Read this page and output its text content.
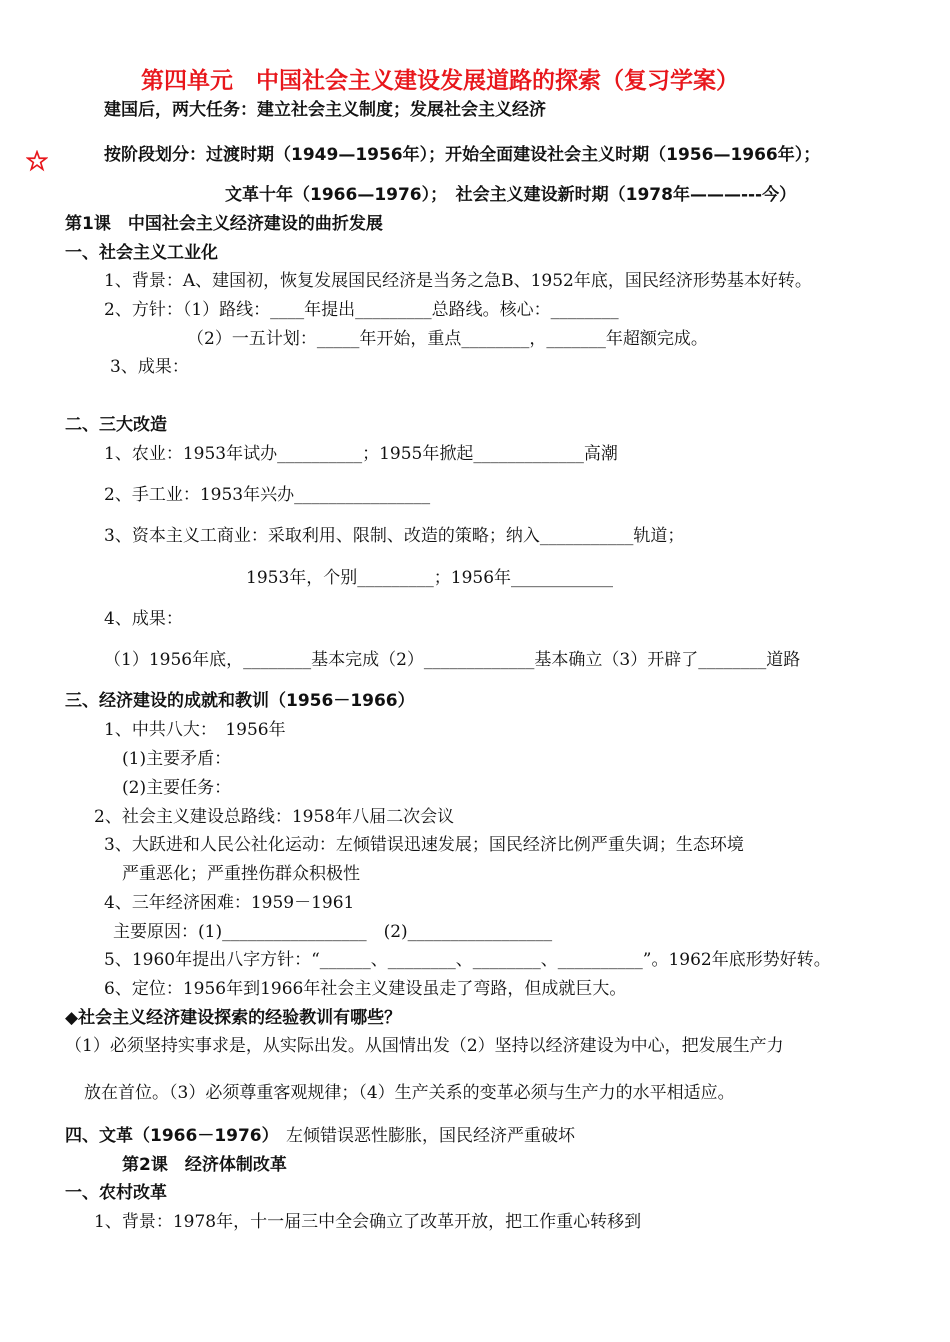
第四单元　中国社会主义建设发展道路的探索（复习学案）
建国后，两大任务：建立社会主义制度；发展社会主义经济
按阶段划分：过渡时期（1949—1956年）；开始全面建设社会主义时期（1956—1966年）；
文革十年（1966—1976）；　社会主义建设新时期（1978年———---今）
第1课　中国社会主义经济建设的曲折发展
一、社会主义工业化
1、背景：A、建国初，恢复发展国民经济是当务之急B、1952年底，国民经济形势基本好转。
2、方针：（1）路线：____年提出_________总路线。核心：________
（2）一五计划：_____年开始，重点________，_______年超额完成。
3、成果：
二、三大改造
1、农业：1953年试办__________；1955年掀起_____________高潮
2、手工业：1953年兴办________________
3、资本主义工商业：采取利用、限制、改造的策略；纳入___________轨道；
1953年，个别_________；1956年____________
4、成果：
（1）1956年底，________基本完成（2）_____________基本确立（3）开辟了________道路
三、经济建设的成就和教训（1956－1966）
1、中共八大：　1956年
(1)主要矛盾：
(2)主要任务：
2、社会主义建设总路线：1958年八届二次会议
3、大跃进和人民公社化运动：左倾错误迅速发展；国民经济比例严重失调；生态环境
严重恶化；严重挫伤群众积极性
4、三年经济困难：1959－1961
主要原因：(1)_________________　(2)_________________
5、1960年提出八字方针：“______、________、________、__________”。1962年底形势好转。
6、定位：1956年到1966年社会主义建设虽走了弯路，但成就巨大。
◆社会主义经济建设探索的经验教训有哪些？
（1）必须坚持实事求是，从实际出发。从国情出发（2）坚持以经济建设为中心，把发展生产力
放在首位。（3）必须尊重客观规律；（4）生产关系的变革必须与生产力的水平相适应。
四、文革（1966－1976） 左倾错误恶性膨胀，国民经济严重破坏
第2课　经济体制改革
一、农村改革
1、背景：1978年，十一届三中全会确立了改革开放，把工作重心转移到
